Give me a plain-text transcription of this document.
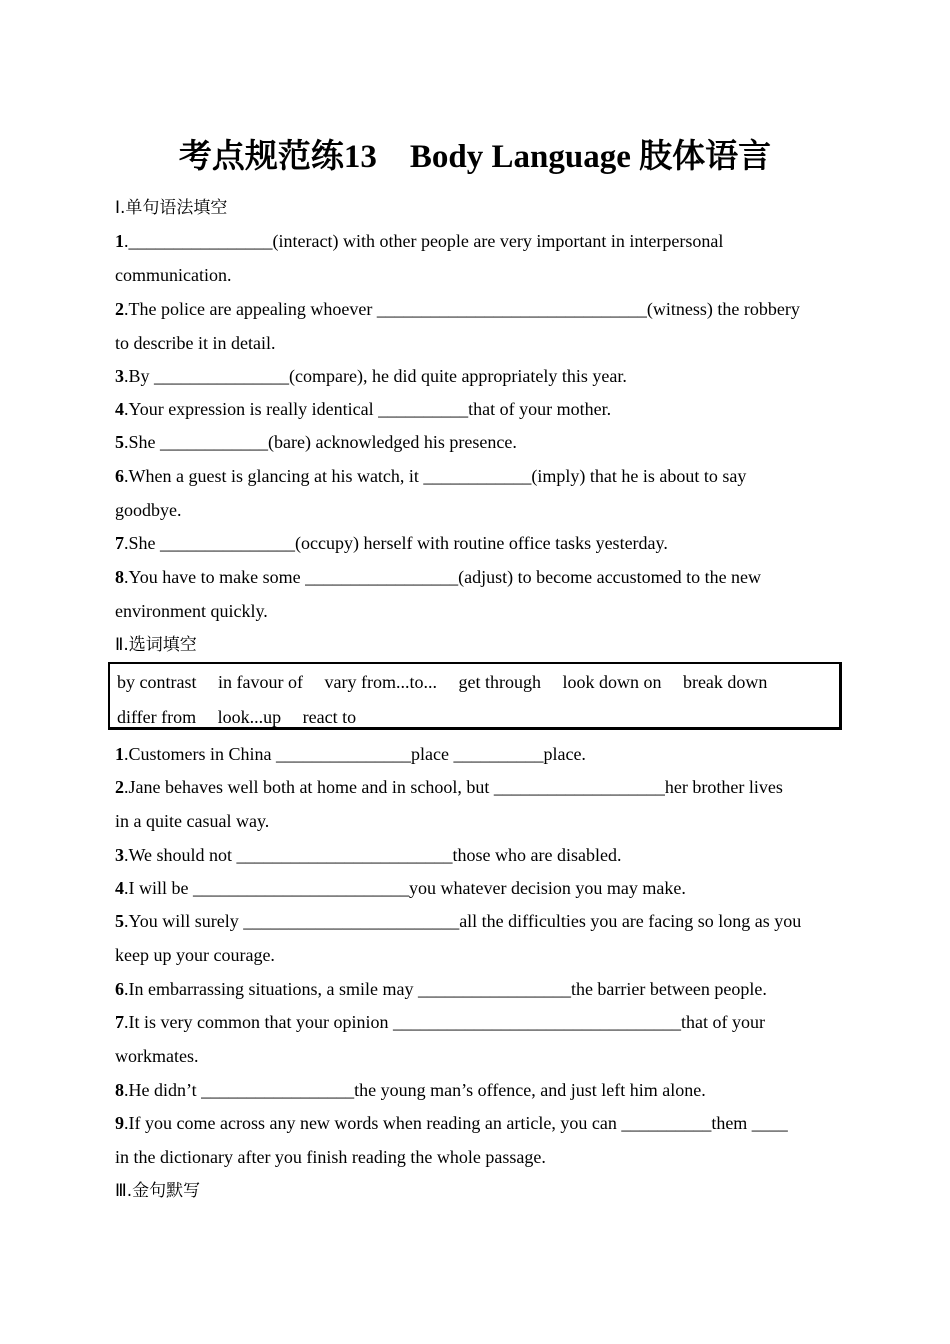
考点规范练13　Body Language 肢体语言
Ⅰ.单句语法填空
1.________________(interact) with other people are very important in interpersonal
communication.
2.The police are appealing whoever ______________________________(witness) the robbery
to describe it in detail.
3.By _______________(compare), he did quite appropriately this year.
4.Your expression is really identical __________that of your mother.
5.She ____________(bare) acknowledged his presence.
6.When a guest is glancing at his watch, it ____________(imply) that he is about to say
goodbye.
7.She _______________(occupy) herself with routine office tasks yesterday.
8.You have to make some _________________(adjust) to become accustomed to the new
environment quickly.
Ⅱ.选词填空
by contrast in favour of vary from...to... get through look down on break down
differ from look...up react to
1.Customers in China _______________place __________place.
2.Jane behaves well both at home and in school, but ___________________her brother lives
in a quite casual way.
3.We should not ________________________those who are disabled.
4.I will be ________________________you whatever decision you may make.
5.You will surely ________________________all the difficulties you are facing so long as you
keep up your courage.
6.In embarrassing situations, a smile may _________________the barrier between people.
7.It is very common that your opinion ________________________________that of your
workmates.
8.He didn’t _________________the young man’s offence, and just left him alone.
9.If you come across any new words when reading an article, you can __________them ____
in the dictionary after you finish reading the whole passage.
Ⅲ.金句默写
